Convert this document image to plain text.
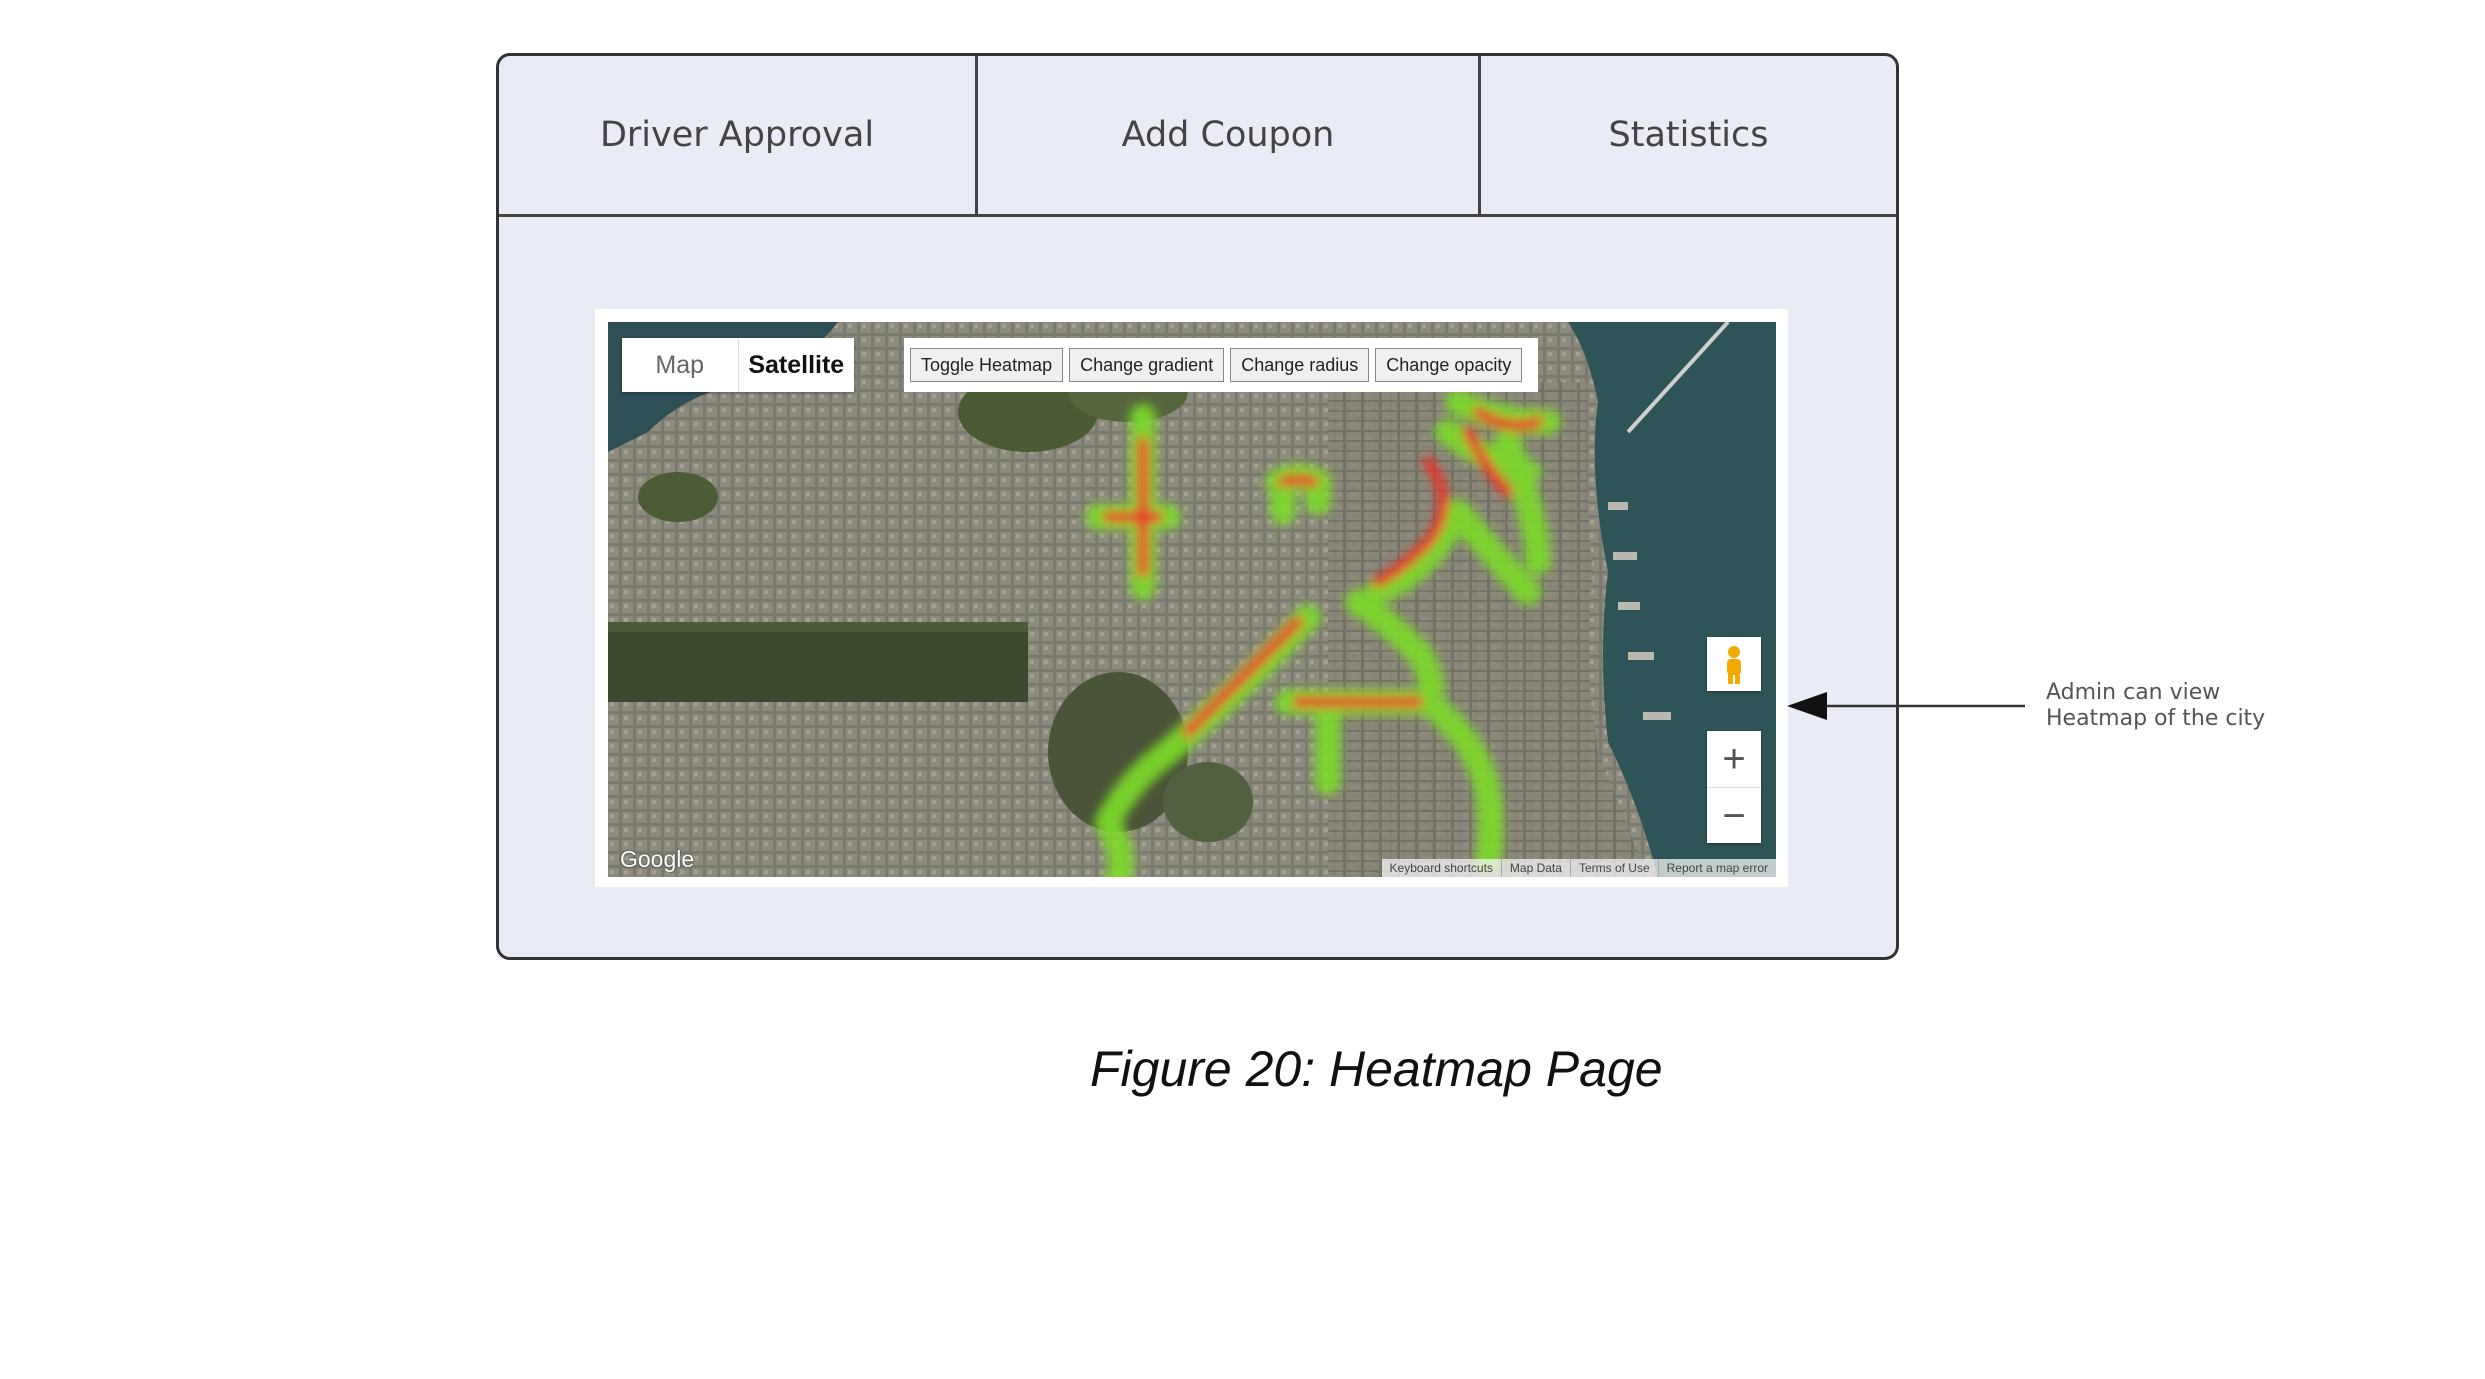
Driver Approval	Add Coupon	Statistics
Map	Satellite	Toggle Heatmap	Change gradient	Change radius	Change opacity
+
−
Google	Keyboard shortcuts	Map Data	Terms of Use	Report a map error
Admin can view
Heatmap of the city
Figure 20: Heatmap Page
